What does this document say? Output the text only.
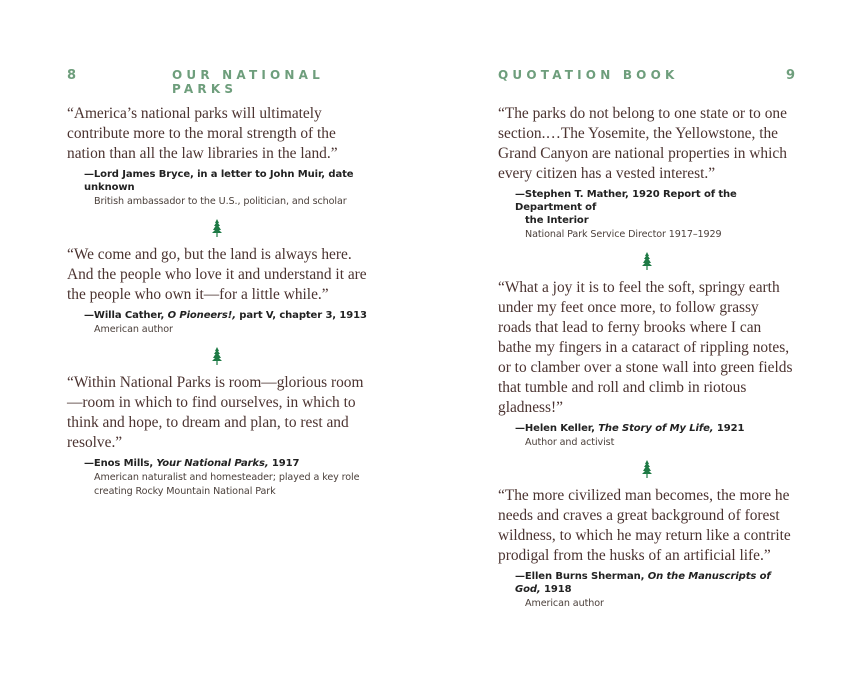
8	OUR NATIONAL PARKS

“America’s national parks will ultimately contribute more to the moral strength of the nation than all the law libraries in the land.”

—Lord James Bryce, in a letter to John Muir, date unknown
British ambassador to the U.S., politician, and scholar

“We come and go, but the land is always here. And the people who love it and understand it are the people who own it—for a little while.”

—Willa Cather, O Pioneers!, part V, chapter 3, 1913
American author

“Within National Parks is room—glorious room—room in which to find ourselves, in which to think and hope, to dream and plan, to rest and resolve.”

—Enos Mills, Your National Parks, 1917
American naturalist and homesteader; played a key role creating Rocky Mountain National Park
QUOTATION BOOK	9

“The parks do not belong to one state or to one section.…The Yosemite, the Yellowstone, the Grand Canyon are national properties in which every citizen has a vested interest.”

—Stephen T. Mather, 1920 Report of the Department of
the Interior
National Park Service Director 1917–1929

“What a joy it is to feel the soft, springy earth under my feet once more, to follow grassy roads that lead to ferny brooks where I can bathe my fingers in a cataract of rippling notes, or to clamber over a stone wall into green fields that tumble and roll and climb in riotous gladness!”

—Helen Keller, The Story of My Life, 1921
Author and activist

“The more civilized man becomes, the more he needs and craves a great background of forest wildness, to which he may return like a contrite prodigal from the husks of an artificial life.”

—Ellen Burns Sherman, On the Manuscripts of God, 1918
American author
